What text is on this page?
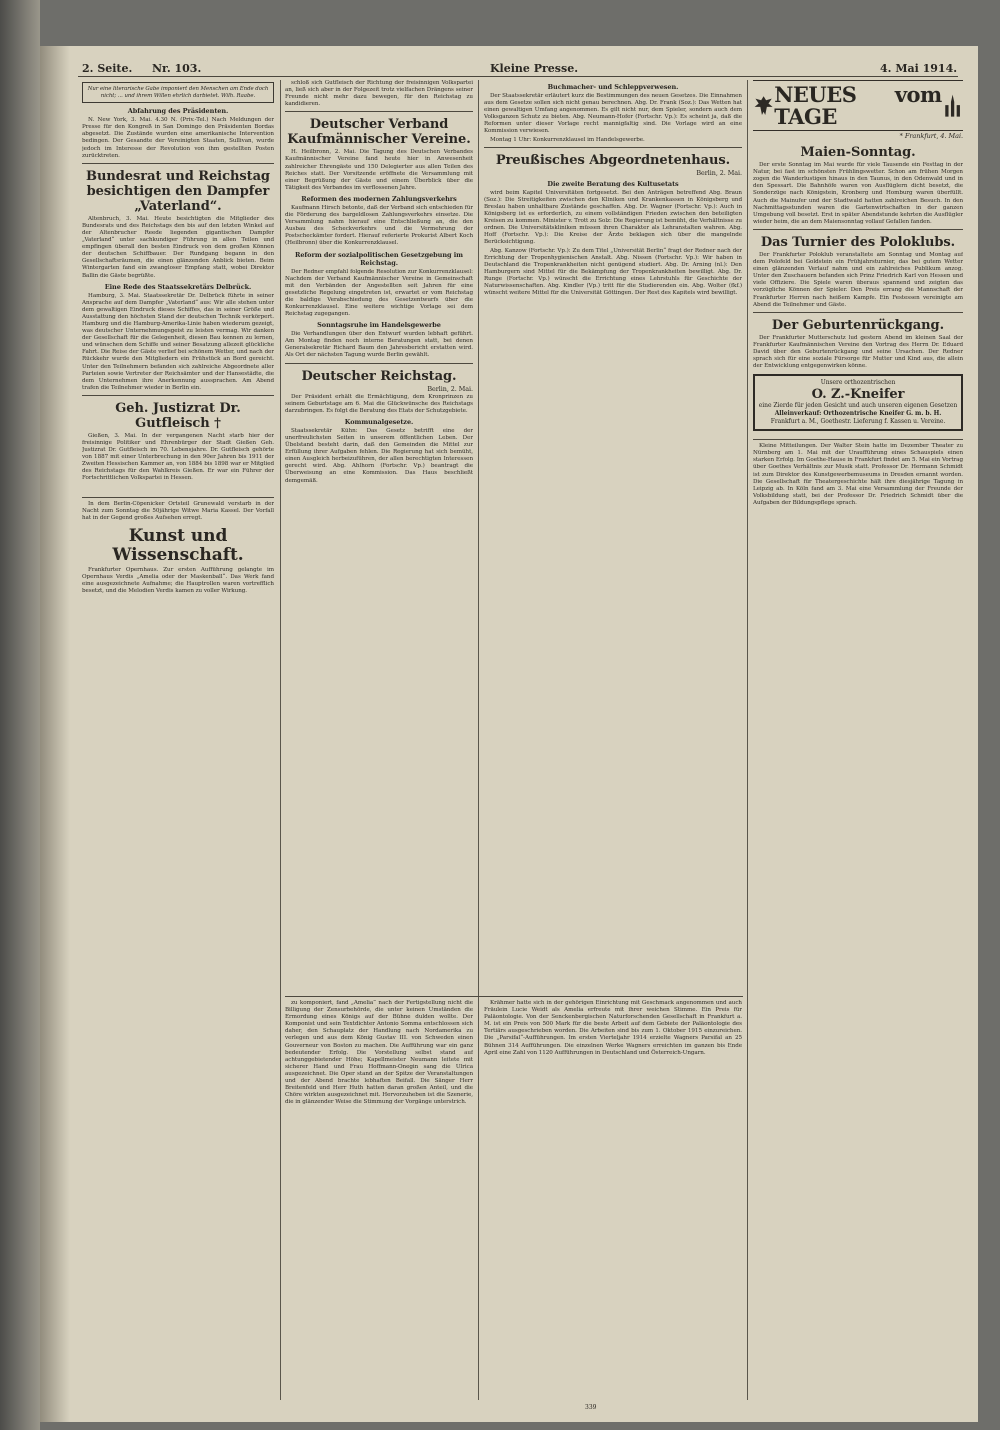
2. Seite. Nr. 103.	Kleine Presse.	4. Mai 1914.
Nur eine literarische Gabe imponiert den Menschen am Ende doch nicht; ... und ihrem Willen ehrlich darbietet. Wilh. Raabe.
Abfahrung des Präsidenten.

N. New York, 3. Mai. 4.30 N. (Priv.-Tel.) Nach Meldungen der Presse für den Kongreß in San Domingo den Präsidenten Bordas abgesetzt. Die Zustände wurden eine amerikanische Intervention bedingen. Der Gesandte der Vereinigten Staaten, Sullivan, wurde jedoch im Interesse der Revolution von ihm gestellten Posten zurücktreten.

Bundesrat und Reichstag besichtigen den Dampfer „Vaterland“.

Altenbruch, 3. Mai. Heute besichtigten die Mitglieder des Bundesrats und des Reichstags den bis auf den letzten Winkel auf der Altenbrucher Reede liegenden gigantischen Dampfer „Vaterland“ unter sachkundiger Führung in allen Teilen und empfingen überall den besten Eindruck von dem großen Können der deutschen Schiffbauer. Der Rundgang begann in den Gesellschaftsräumen, die einen glänzenden Anblick bieten. Beim Wintergarten fand ein zwangloser Empfang statt, wobei Direktor Ballin die Gäste begrüßte.

Eine Rede des Staatssekretärs Delbrück.

Hamburg, 3. Mai. Staatssekretär Dr. Delbrück führte in seiner Ansprache auf dem Dampfer „Vaterland“ aus: Wir alle stehen unter dem gewaltigen Eindruck dieses Schiffes, das in seiner Größe und Ausstattung den höchsten Stand der deutschen Technik verkörpert. Hamburg und die Hamburg-Amerika-Linie haben wiederum gezeigt, was deutscher Unternehmungsgeist zu leisten vermag. Wir danken der Gesellschaft für die Gelegenheit, diesen Bau kennen zu lernen, und wünschen dem Schiffe und seiner Besatzung allezeit glückliche Fahrt. Die Reise der Gäste verlief bei schönem Wetter, und nach der Rückkehr wurde den Mitgliedern ein Frühstück an Bord gereicht. Unter den Teilnehmern befanden sich zahlreiche Abgeordnete aller Parteien sowie Vertreter der Reichsämter und der Hansestädte, die dem Unternehmen ihre Anerkennung aussprachen. Am Abend trafen die Teilnehmer wieder in Berlin ein.

Geh. Justizrat Dr. Gutfleisch †

Gießen, 3. Mai. In der vergangenen Nacht starb hier der freisinnige Politiker und Ehrenbürger der Stadt Gießen Geh. Justizrat Dr. Gutfleisch im 70. Lebensjahre. Dr. Gutfleisch gehörte von 1887 mit einer Unterbrechung in den 90er Jahren bis 1911 der Zweiten Hessischen Kammer an, von 1884 bis 1898 war er Mitglied des Reichstags für den Wahlkreis Gießen. Er war ein Führer der Fortschrittlichen Volkspartei in Hessen.

In dem Berlin-Cöpenicker Ortsteil Grunewald verstarb in der Nacht zum Sonntag die 50jährige Witwe Maria Kassel. Der Vorfall hat in der Gegend großes Aufsehen erregt.

Kunst und Wissenschaft.

Frankfurter Opernhaus. Zur ersten Aufführung gelangte im Opernhaus Verdis „Amelia oder der Maskenball“. Das Werk fand eine ausgezeichnete Aufnahme; die Hauptrollen waren vortrefflich besetzt, und die Melodien Verdis kamen zu voller Wirkung.

schloß sich Gutfleisch der Richtung der freisinnigen Volkspartei an, ließ sich aber in der Folgezeit trotz vielfachen Drängens seiner Freunde nicht mehr dazu bewegen, für den Reichstag zu kandidieren.

Deutscher Verband Kaufmännischer Vereine.

H. Heilbronn, 2. Mai. Die Tagung des Deutschen Verbandes Kaufmännischer Vereine fand heute hier in Anwesenheit zahlreicher Ehrengäste und 150 Delegierter aus allen Teilen des Reiches statt. Der Vorsitzende eröffnete die Versammlung mit einer Begrüßung der Gäste und einem Überblick über die Tätigkeit des Verbandes im verflossenen Jahre.

Reformen des modernen Zahlungsverkehrs

Kaufmann Hirsch betonte, daß der Verband sich entschieden für die Förderung des bargeldlosen Zahlungsverkehrs einsetze. Die Versammlung nahm hierauf eine Entschließung an, die den Ausbau des Scheckverkehrs und die Vermehrung der Postscheckämter fordert. Hierauf referierte Prokurist Albert Koch (Heilbronn) über die Konkurrenzklausel.

Reform der sozialpolitischen Gesetzgebung im Reichstag.

Der Redner empfahl folgende Resolution zur Konkurrenzklausel: Nachdem der Verband Kaufmännischer Vereine in Gemeinschaft mit den Verbänden der Angestellten seit Jahren für eine gesetzliche Regelung eingetreten ist, erwartet er vom Reichstag die baldige Verabschiedung des Gesetzentwurfs über die Konkurrenzklausel. Eine weitere wichtige Vorlage sei dem Reichstag zugegangen.

Sonntagsruhe im Handelsgewerbe

Die Verhandlungen über den Entwurf wurden lebhaft geführt. Am Montag finden noch interne Beratungen statt, bei denen Generalsekretär Richard Baum den Jahresbericht erstatten wird. Als Ort der nächsten Tagung wurde Berlin gewählt.

Deutscher Reichstag.
Berlin, 2. Mai.

Der Präsident erhält die Ermächtigung, dem Kronprinzen zu seinem Geburtstage am 6. Mai die Glückwünsche des Reichstags darzubringen. Es folgt die Beratung des Etats der Schutzgebiete.

Kommunalgesetze.

Staatssekretär Kühn: Das Gesetz betrifft eine der unerfreulichsten Seiten in unserem öffentlichen Leben. Der Übelstand besteht darin, daß den Gemeinden die Mittel zur Erfüllung ihrer Aufgaben fehlen. Die Regierung hat sich bemüht, einen Ausgleich herbeizuführen, der allen berechtigten Interessen gerecht wird. Abg. Ahlhorn (Fortschr. Vp.) beantragt die Überweisung an eine Kommission. Das Haus beschließt demgemäß.

Buchmacher- und Schleppverwesen.

Der Staatssekretär erläutert kurz die Bestimmungen des neuen Gesetzes. Die Einnahmen aus dem Gesetze sollen sich nicht genau berechnen. Abg. Dr. Frank (Soz.): Das Wetten hat einen gewaltigen Umfang angenommen. Es gilt nicht nur, dem Spieler, sondern auch dem Volksganzen Schutz zu bieten. Abg. Neumann-Hofer (Fortschr. Vp.): Es scheint ja, daß die Reformen unter dieser Vorlage recht mannigfaltig sind. Die Vorlage wird an eine Kommission verwiesen.

Montag 1 Uhr: Konkurrenzklausel im Handelsgewerbe.

Preußisches Abgeordnetenhaus.
Berlin, 2. Mai.
Die zweite Beratung des Kultusetats

wird beim Kapitel Universitäten fortgesetzt. Bei den Anträgen betreffend Abg. Braun (Soz.): Die Streitigkeiten zwischen den Kliniken und Krankenkassen in Königsberg und Breslau haben unhaltbare Zustände geschaffen. Abg. Dr. Wagner (Fortschr. Vp.): Auch in Königsberg ist es erforderlich, zu einem vollständigen Frieden zwischen den beteiligten Kreisen zu kommen. Minister v. Trott zu Solz: Die Regierung ist bemüht, die Verhältnisse zu ordnen. Die Universitätskliniken müssen ihren Charakter als Lehranstalten wahren. Abg. Hoff (Fortschr. Vp.): Die Kreise der Ärzte beklagen sich über die mangelnde Berücksichtigung.

Abg. Kanzow (Fortschr. Vp.): Zu dem Titel „Universität Berlin“ fragt der Redner nach der Errichtung der Tropenhygienischen Anstalt. Abg. Nissen (Fortschr. Vp.): Wir haben in Deutschland die Tropenkrankheiten nicht genügend studiert. Abg. Dr. Arning (nl.): Den Hamburgern sind Mittel für die Bekämpfung der Tropenkrankheiten bewilligt. Abg. Dr. Runge (Fortschr. Vp.) wünscht die Errichtung eines Lehrstuhls für Geschichte der Naturwissenschaften. Abg. Kindler (Vp.) tritt für die Studierenden ein. Abg. Wolter (fkf.) wünscht weitere Mittel für die Universität Göttingen. Der Rest des Kapitels wird bewilligt.

NEUES vom TAGE
* Frankfurt, 4. Mai.
Maien-Sonntag.

Der erste Sonntag im Mai wurde für viele Tausende ein Festtag in der Natur, bei fast im schönsten Frühlingswetter. Schon am frühen Morgen zogen die Wanderlustigen hinaus in den Taunus, in den Odenwald und in den Spessart. Die Bahnhöfe waren von Ausflüglern dicht besetzt, die Sonderzüge nach Königstein, Kronberg und Homburg waren überfüllt. Auch die Mainufer und der Stadtwald hatten zahlreichen Besuch. In den Nachmittagsstunden waren die Gartenwirtschaften in der ganzen Umgebung voll besetzt. Erst in später Abendstunde kehrten die Ausflügler wieder heim, die an dem Maiensonntag vollauf Gefallen fanden.

Das Turnier des Poloklubs.

Der Frankfurter Poloklub veranstaltete am Sonntag und Montag auf dem Polofeld bei Goldstein ein Frühjahrsturnier, das bei gutem Wetter einen glänzenden Verlauf nahm und ein zahlreiches Publikum anzog. Unter den Zuschauern befanden sich Prinz Friedrich Karl von Hessen und viele Offiziere. Die Spiele waren überaus spannend und zeigten das vorzügliche Können der Spieler. Den Preis errang die Mannschaft der Frankfurter Herren nach heißem Kampfe. Ein Festessen vereinigte am Abend die Teilnehmer und Gäste.

Der Geburtenrückgang.

Der Frankfurter Mutterschutz lud gestern Abend im kleinen Saal der Frankfurter Kaufmännischen Vereine den Vortrag des Herrn Dr. Eduard David über den Geburtenrückgang und seine Ursachen. Der Redner sprach sich für eine soziale Fürsorge für Mutter und Kind aus, die allein der Entwicklung entgegenwirken könne.

Unsere orthozentrischen
O. Z.-Kneifer
eine Zierde für jeden Gesicht und auch unseren eigenen Gesetzen
Alleinverkauf: Orthozentrische Kneifer G. m. b. H.
Frankfurt a. M., Goethestr. Lieferung f. Kassen u. Vereine.

Kleine Mitteilungen. Der Walter Stein hatte im Dezember Theater zu Nürnberg am 1. Mai mit der Uraufführung eines Schauspiels einen starken Erfolg. Im Goethe-Hause in Frankfurt findet am 5. Mai ein Vortrag über Goethes Verhältnis zur Musik statt. Professor Dr. Hermann Schmidt ist zum Direktor des Kunstgewerbemuseums in Dresden ernannt worden. Die Gesellschaft für Theatergeschichte hält ihre diesjährige Tagung in Leipzig ab. In Köln fand am 3. Mai eine Versammlung der Freunde der Volksbildung statt, bei der Professor Dr. Friedrich Schmidt über die Aufgaben der Bildungspflege sprach.

zu komponiert, fand „Amelia“ nach der Fertigstellung nicht die Billigung der Zensurbehörde, die unter keinen Umständen die Ermordung eines Königs auf der Bühne dulden wollte. Der Komponist und sein Textdichter Antonio Somma entschlossen sich daher, den Schauplatz der Handlung nach Nordamerika zu verlegen und aus dem König Gustav III. von Schweden einen Gouverneur von Boston zu machen. Die Aufführung war ein ganz bedeutender Erfolg. Die Vorstellung selbst stand auf achtunggebietender Höhe; Kapellmeister Neumann leitete mit sicherer Hand und Frau Hoffmann-Onegin sang die Ulrica ausgezeichnet. Die Oper stand an der Spitze der Veranstaltungen und der Abend brachte lebhaften Beifall. Die Sänger Herr Breitenfeld und Herr Huth hatten daran großen Anteil, und die Chöre wirkten ausgezeichnet mit. Hervorzuheben ist die Szenerie, die in glänzender Weise die Stimmung der Vorgänge unterstrich.

Krähmer hatte sich in der gehörigen Einrichtung mit Geschmack angenommen und auch Fräulein Lucie Weidt als Amelia erfreute mit ihrer weichen Stimme. Ein Preis für Paläontologie. Von der Senckenbergischen Naturforschenden Gesellschaft in Frankfurt a. M. ist ein Preis von 500 Mark für die beste Arbeit auf dem Gebiete der Paläontologie des Tertiärs ausgeschrieben worden. Die Arbeiten sind bis zum 1. Oktober 1915 einzureichen. Die „Parsifal“-Aufführungen. Im ersten Vierteljahr 1914 erzielte Wagners Parsifal an 25 Bühnen 314 Aufführungen. Die einzelnen Werke Wagners erreichten im ganzen bis Ende April eine Zahl von 1120 Aufführungen in Deutschland und Österreich-Ungarn.

339
